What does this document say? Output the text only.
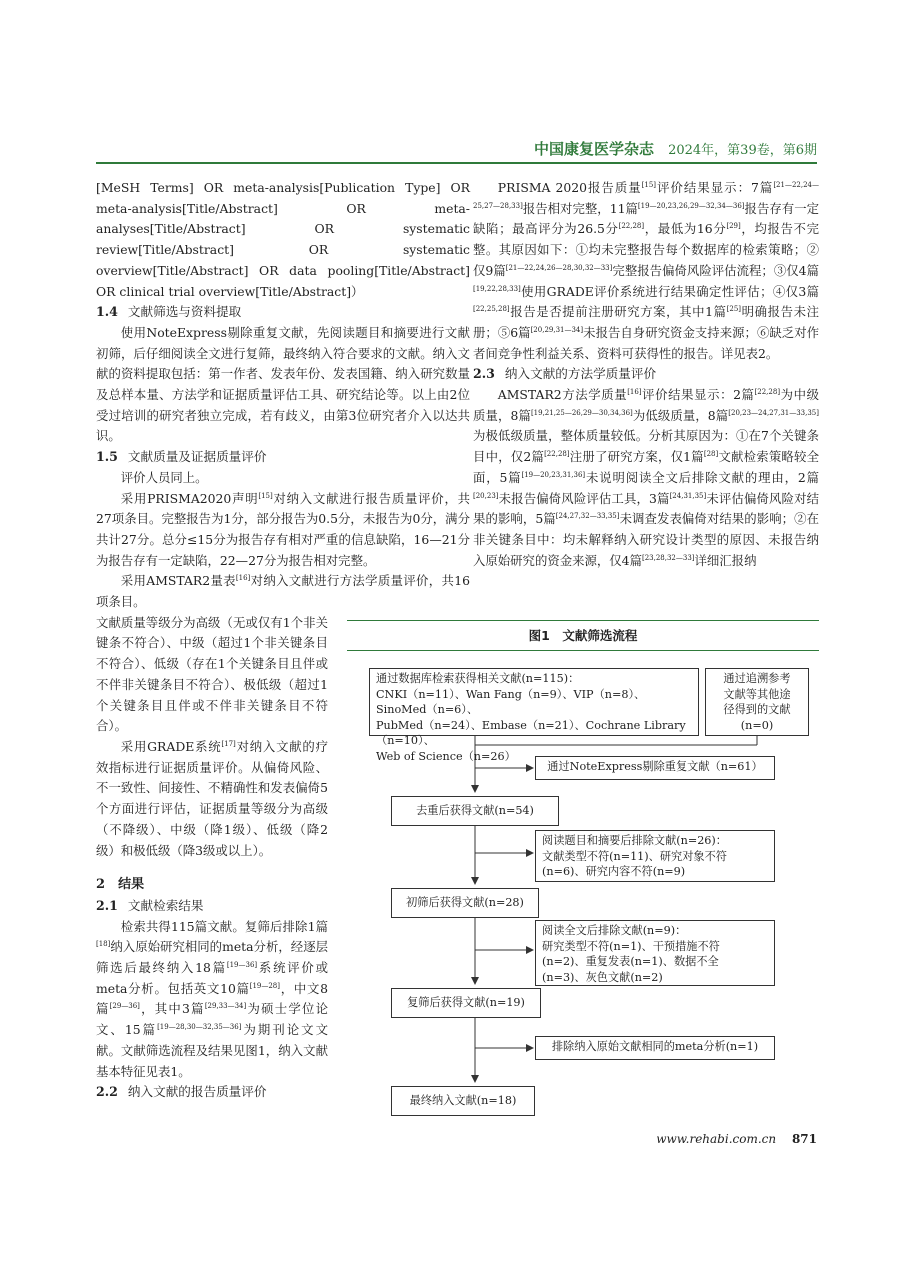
中国康复医学杂志 2024年，第39卷，第6期

[MeSH Terms] OR meta-analysis[Publication Type] OR meta-analysis[Title/Abstract] OR meta-analyses[Title/Abstract] OR systematic review[Title/Abstract] OR systematic overview[Title/Abstract] OR data pooling[Title/Abstract] OR clinical trial overview[Title/Abstract]）

1.4 文献筛选与资料提取

使用NoteExpress剔除重复文献，先阅读题目和摘要进行文献初筛，后仔细阅读全文进行复筛，最终纳入符合要求的文献。纳入文献的资料提取包括：第一作者、发表年份、发表国籍、纳入研究数量及总样本量、方法学和证据质量评估工具、研究结论等。以上由2位受过培训的研究者独立完成，若有歧义，由第3位研究者介入以达共识。

1.5 文献质量及证据质量评价

评价人员同上。

采用PRISMA2020声明[15]对纳入文献进行报告质量评价，共27项条目。完整报告为1分，部分报告为0.5分，未报告为0分，满分共计27分。总分≤15分为报告存有相对严重的信息缺陷，16—21分为报告存有一定缺陷，22—27分为报告相对完整。

采用AMSTAR2量表[16]对纳入文献进行方法学质量评价，共16项条目。

文献质量等级分为高级（无或仅有1个非关键条不符合）、中级（超过1个非关键条目不符合）、低级（存在1个关键条目且伴或不伴非关键条目不符合）、极低级（超过1个关键条目且伴或不伴非关键条目不符合）。

采用GRADE系统[17]对纳入文献的疗效指标进行证据质量评价。从偏倚风险、不一致性、间接性、不精确性和发表偏倚5个方面进行评估，证据质量等级分为高级（不降级）、中级（降1级）、低级（降2级）和极低级（降3级或以上）。

2　 结果
2.1 文献检索结果

检索共得115篇文献。复筛后排除1篇[18]纳入原始研究相同的meta分析，经逐层筛选后最终纳入18篇[19—36]系统评价或meta分析。包括英文10篇[19—28]，中文8篇[29—36]，其中3篇[29,33—34]为硕士学位论文、15篇[19—28,30—32,35—36]为期刊论文文献。文献筛选流程及结果见图1，纳入文献基本特征见表1。

2.2 纳入文献的报告质量评价

PRISMA 2020报告质量[15]评价结果显示：7篇[21—22,24—25,27—28,33]报告相对完整，11篇[19—20,23,26,29—32,34—36]报告存有一定缺陷；最高评分为26.5分[22,28]，最低为16分[29]，均报告不完整。其原因如下：①均未完整报告每个数据库的检索策略；②仅9篇[21—22,24,26—28,30,32—33]完整报告偏倚风险评估流程；③仅4篇[19,22,28,33]使用GRADE评价系统进行结果确定性评估；④仅3篇[22,25,28]报告是否提前注册研究方案，其中1篇[25]明确报告未注册；⑤6篇[20,29,31—34]未报告自身研究资金支持来源；⑥缺乏对作者间竞争性利益关系、资料可获得性的报告。详见表2。

2.3 纳入文献的方法学质量评价

AMSTAR2方法学质量[16]评价结果显示：2篇[22,28]为中级质量，8篇[19,21,25—26,29—30,34,36]为低级质量，8篇[20,23—24,27,31—33,35]为极低级质量，整体质量较低。分析其原因为：①在7个关键条目中，仅2篇[22,28]注册了研究方案，仅1篇[28]文献检索策略较全面，5篇[19—20,23,31,36]未说明阅读全文后排除文献的理由，2篇[20,23]未报告偏倚风险评估工具，3篇[24,31,35]未评估偏倚风险对结果的影响，5篇[24,27,32—33,35]未调查发表偏倚对结果的影响；②在非关键条目中：均未解释纳入研究设计类型的原因、未报告纳入原始研究的资金来源，仅4篇[23,28,32—33]详细汇报纳

图1　文献筛选流程
通过数据库检索获得相关文献(n=115)：
CNKI（n=11）、Wan Fang（n=9）、VIP（n=8）、SinoMed（n=6）、
PubMed（n=24）、Embase（n=21）、Cochrane Library（n=10）、
Web of Science（n=26）
通过追溯参考
文献等其他途
径得到的文献
(n=0)
通过NoteExpress剔除重复文献（n=61）
去重后获得文献(n=54)
阅读题目和摘要后排除文献(n=26)：
文献类型不符(n=11)、研究对象不符
(n=6)、研究内容不符(n=9)
初筛后获得文献(n=28)
阅读全文后排除文献(n=9)：
研究类型不符(n=1)、干预措施不符
(n=2)、重复发表(n=1)、数据不全
(n=3)、灰色文献(n=2)
复筛后获得文献(n=19)
排除纳入原始文献相同的meta分析(n=1)
最终纳入文献(n=18)
www.rehabi.com.cn 871
